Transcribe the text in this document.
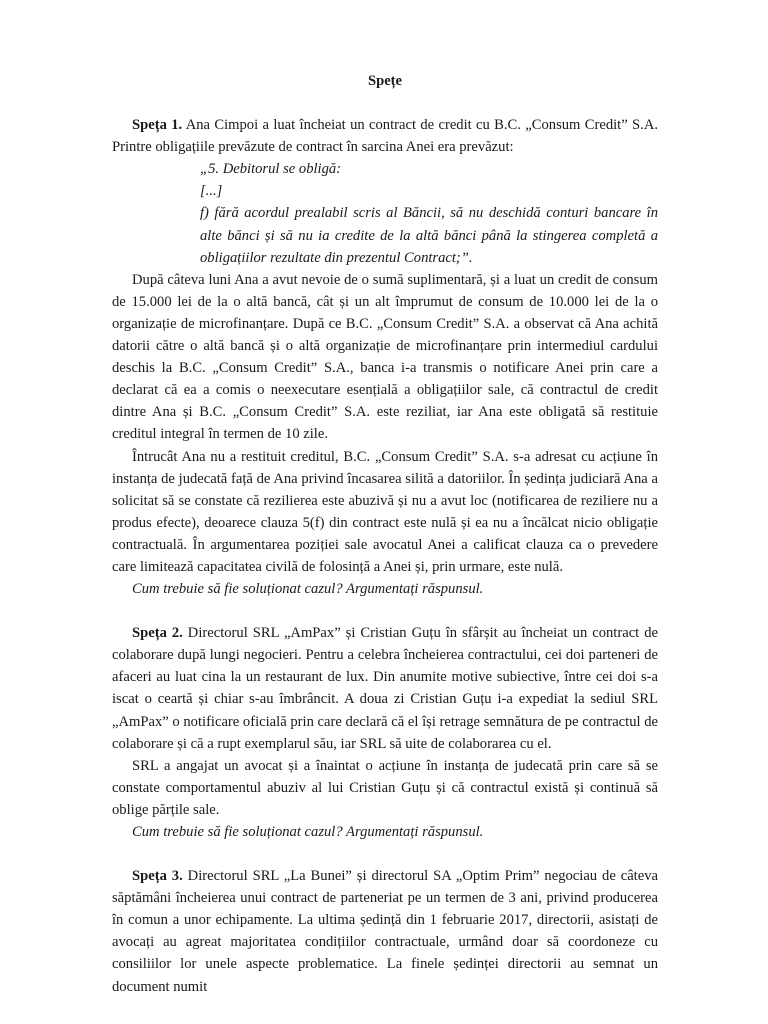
Spețe

Speța 1. Ana Cimpoi a luat încheiat un contract de credit cu B.C. „Consum Credit” S.A. Printre obligațiile prevăzute de contract în sarcina Anei era prevăzut:

„5. Debitorul se obligă:
[...]
f) fără acordul prealabil scris al Băncii, să nu deschidă conturi bancare în alte bănci și să nu ia credite de la altă bănci până la stingerea completă a obligațiilor rezultate din prezentul Contract;”.

După câteva luni Ana a avut nevoie de o sumă suplimentară, și a luat un credit de consum de 15.000 lei de la o altă bancă, cât și un alt împrumut de consum de 10.000 lei de la o organizație de microfinanțare. După ce B.C. „Consum Credit” S.A. a observat că Ana achită datorii către o altă bancă și o altă organizație de microfinanțare prin intermediul cardului deschis la B.C. „Consum Credit” S.A., banca i-a transmis o notificare Anei prin care a declarat că ea a comis o neexecutare esențială a obligațiilor sale, că contractul de credit dintre Ana și B.C. „Consum Credit” S.A. este reziliat, iar Ana este obligată să restituie creditul integral în termen de 10 zile.

Întrucât Ana nu a restituit creditul, B.C. „Consum Credit” S.A. s-a adresat cu acțiune în instanța de judecată față de Ana privind încasarea silită a datoriilor. În ședința judiciară Ana a solicitat să se constate că rezilierea este abuzivă și nu a avut loc (notificarea de reziliere nu a produs efecte), deoarece clauza 5(f) din contract este nulă și ea nu a încălcat nicio obligație contractuală. În argumentarea poziției sale avocatul Anei a calificat clauza ca o prevedere care limitează capacitatea civilă de folosință a Anei și, prin urmare, este nulă.

Cum trebuie să fie soluționat cazul? Argumentați răspunsul.

Speța 2. Directorul SRL „AmPax” și Cristian Guțu în sfârșit au încheiat un contract de colaborare după lungi negocieri. Pentru a celebra încheierea contractului, cei doi parteneri de afaceri au luat cina la un restaurant de lux. Din anumite motive subiective, între cei doi s-a iscat o ceartă și chiar s-au îmbrâncit. A doua zi Cristian Guțu i-a expediat la sediul SRL „AmPax” o notificare oficială prin care declară că el își retrage semnătura de pe contractul de colaborare și că a rupt exemplarul său, iar SRL să uite de colaborarea cu el.

SRL a angajat un avocat și a înaintat o acțiune în instanța de judecată prin care să se constate comportamentul abuziv al lui Cristian Guțu și că contractul există și continuă să oblige părțile sale.

Cum trebuie să fie soluționat cazul? Argumentați răspunsul.

Speța 3. Directorul SRL „La Bunei” și directorul SA „Optim Prim” negociau de câteva săptămâni încheierea unui contract de parteneriat pe un termen de 3 ani, privind producerea în comun a unor echipamente. La ultima ședință din 1 februarie 2017, directorii, asistați de avocați au agreat majoritatea condițiilor contractuale, urmând doar să coordoneze cu consiliilor lor unele aspecte problematice. La finele ședinței directorii au semnat un document numit
